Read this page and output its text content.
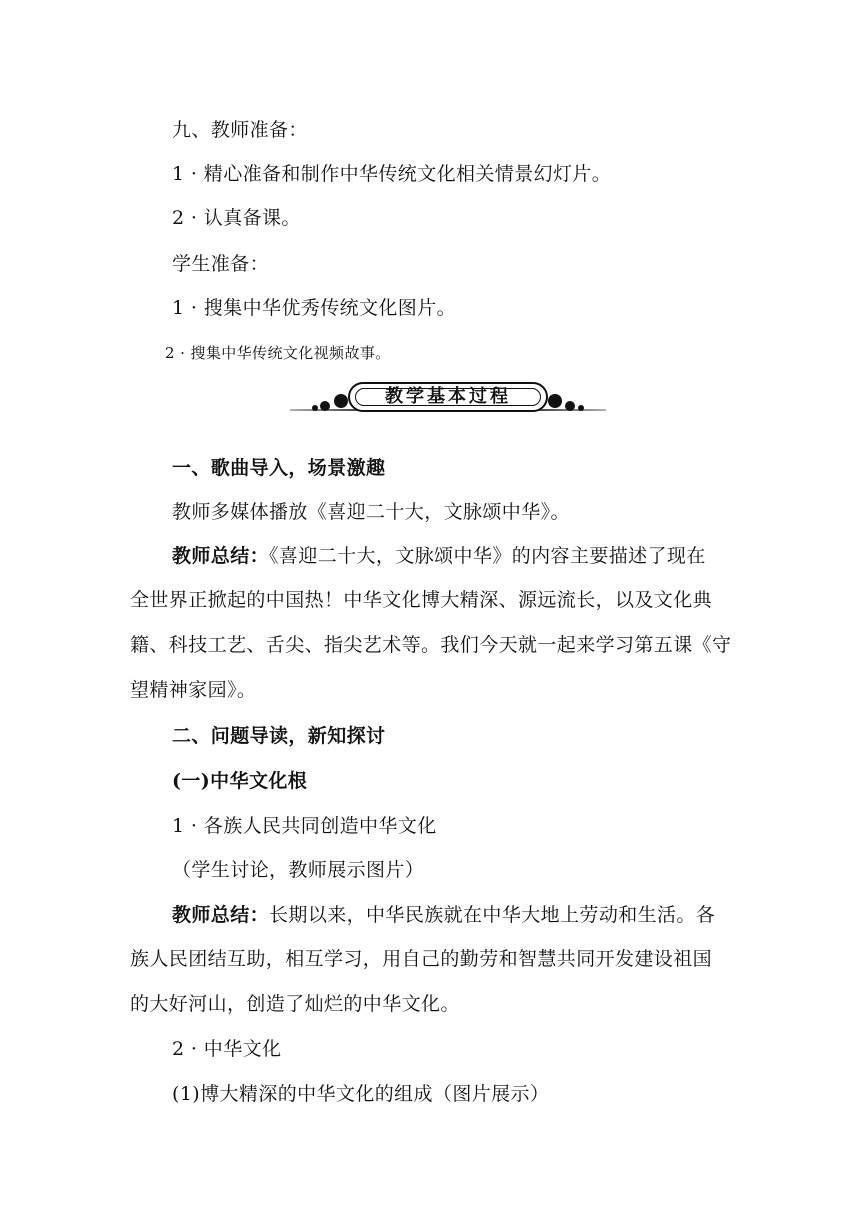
九、教师准备：
1 · 精心准备和制作中华传统文化相关情景幻灯片。
2 · 认真备课。
学生准备：
1 · 搜集中华优秀传统文化图片。
2 · 搜集中华传统文化视频故事。
教学基本过程
一、歌曲导入，场景激趣
教师多媒体播放《喜迎二十大，文脉颂中华》。
教师总结：《喜迎二十大，文脉颂中华》的内容主要描述了现在
全世界正掀起的中国热！中华文化博大精深、源远流长，以及文化典
籍、科技工艺、舌尖、指尖艺术等。我们今天就一起来学习第五课《守
望精神家园》。
二、问题导读，新知探讨
(一)中华文化根
1 · 各族人民共同创造中华文化
（学生讨论，教师展示图片）
教师总结：长期以来，中华民族就在中华大地上劳动和生活。各
族人民团结互助，相互学习，用自己的勤劳和智慧共同开发建设祖国
的大好河山，创造了灿烂的中华文化。
2 · 中华文化
(1)博大精深的中华文化的组成（图片展示）
